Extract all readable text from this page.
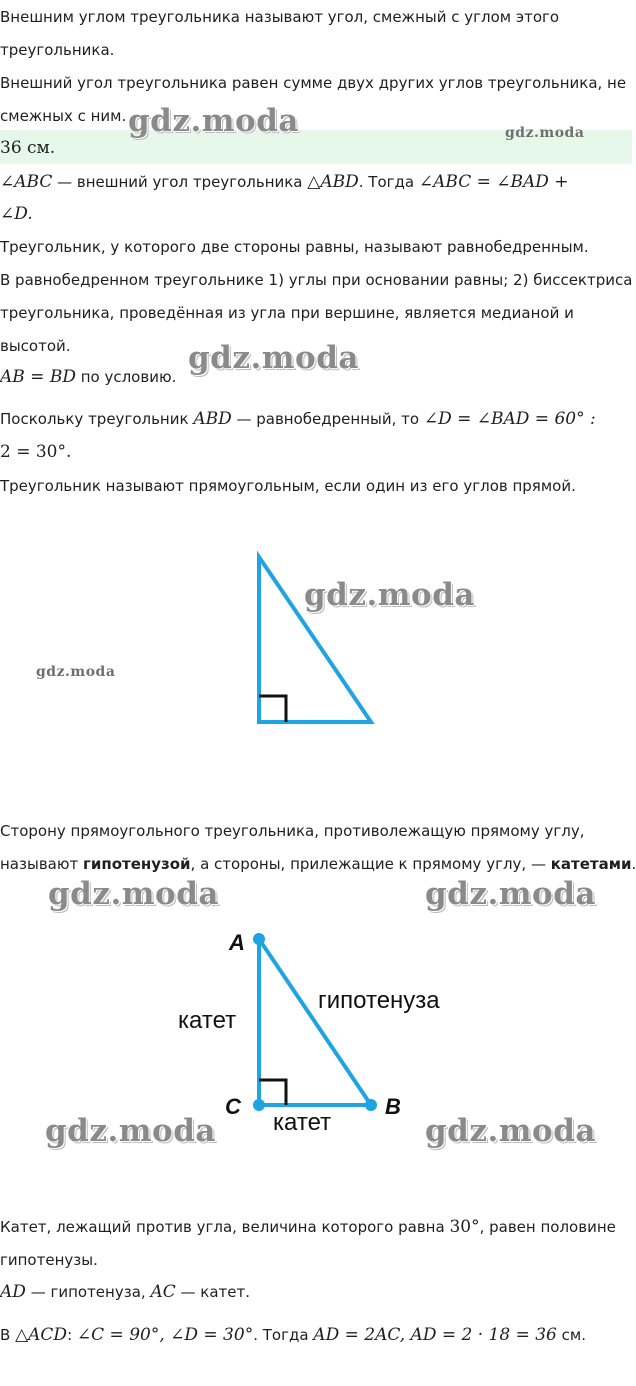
Внешним углом треугольника называют угол, смежный с углом этого
треугольника.
Внешний угол треугольника равен сумме двух других углов треугольника, не
смежных с ним.
36 см.
∠ABC — внешний угол треугольника △ABD. Тогда ∠ABC = ∠BAD +
∠D.
Треугольник, у которого две стороны равны, называют равнобедренным.
В равнобедренном треугольнике 1) углы при основании равны; 2) биссектриса
треугольника, проведённая из угла при вершине, является медианой и
высотой.
AB = BD по условию.
Поскольку треугольник ABD — равнобедренный, то ∠D = ∠BAD = 60° :
2 = 30°.
Треугольник называют прямоугольным, если один из его углов прямой.
Сторону прямоугольного треугольника, противолежащую прямому углу,
называют гипотенузой, а стороны, прилежащие к прямому углу, — катетами.
A
C	B
катет
гипотенуза
катет
Катет, лежащий против угла, величина которого равна 30°, равен половине
гипотенузы.
AD — гипотенуза, AC — катет.
В △ACD: ∠C = 90°, ∠D = 30°. Тогда AD = 2AC, AD = 2 · 18 = 36 см.
gdz.moda	gdz.moda
gdz.moda
gdz.moda
gdz.moda
gdz.moda	gdz.moda
gdz.moda	gdz.moda
